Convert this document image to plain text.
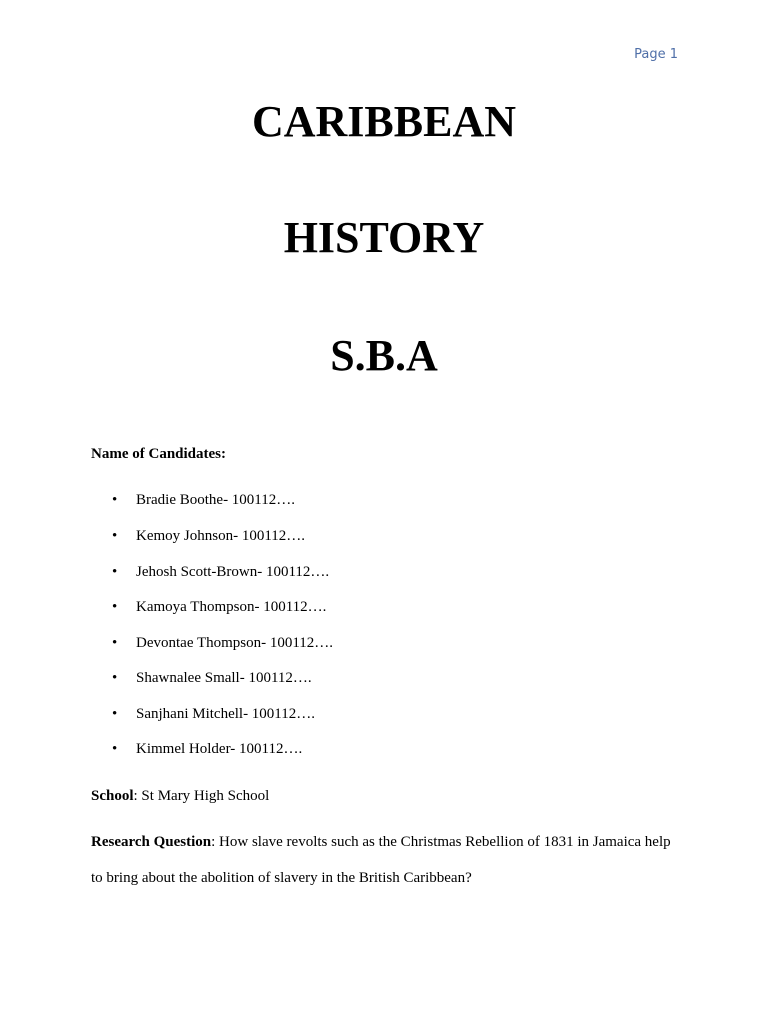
Page 1
CARIBBEAN
HISTORY
S.B.A
Name of Candidates:
• Bradie Boothe- 100112….
• Kemoy Johnson- 100112….
• Jehosh Scott-Brown- 100112….
• Kamoya Thompson- 100112….
• Devontae Thompson- 100112….
• Shawnalee Small- 100112….
• Sanjhani Mitchell- 100112….
• Kimmel Holder- 100112….
School: St Mary High School
Research Question: How slave revolts such as the Christmas Rebellion of 1831 in Jamaica help
to bring about the abolition of slavery in the British Caribbean?
